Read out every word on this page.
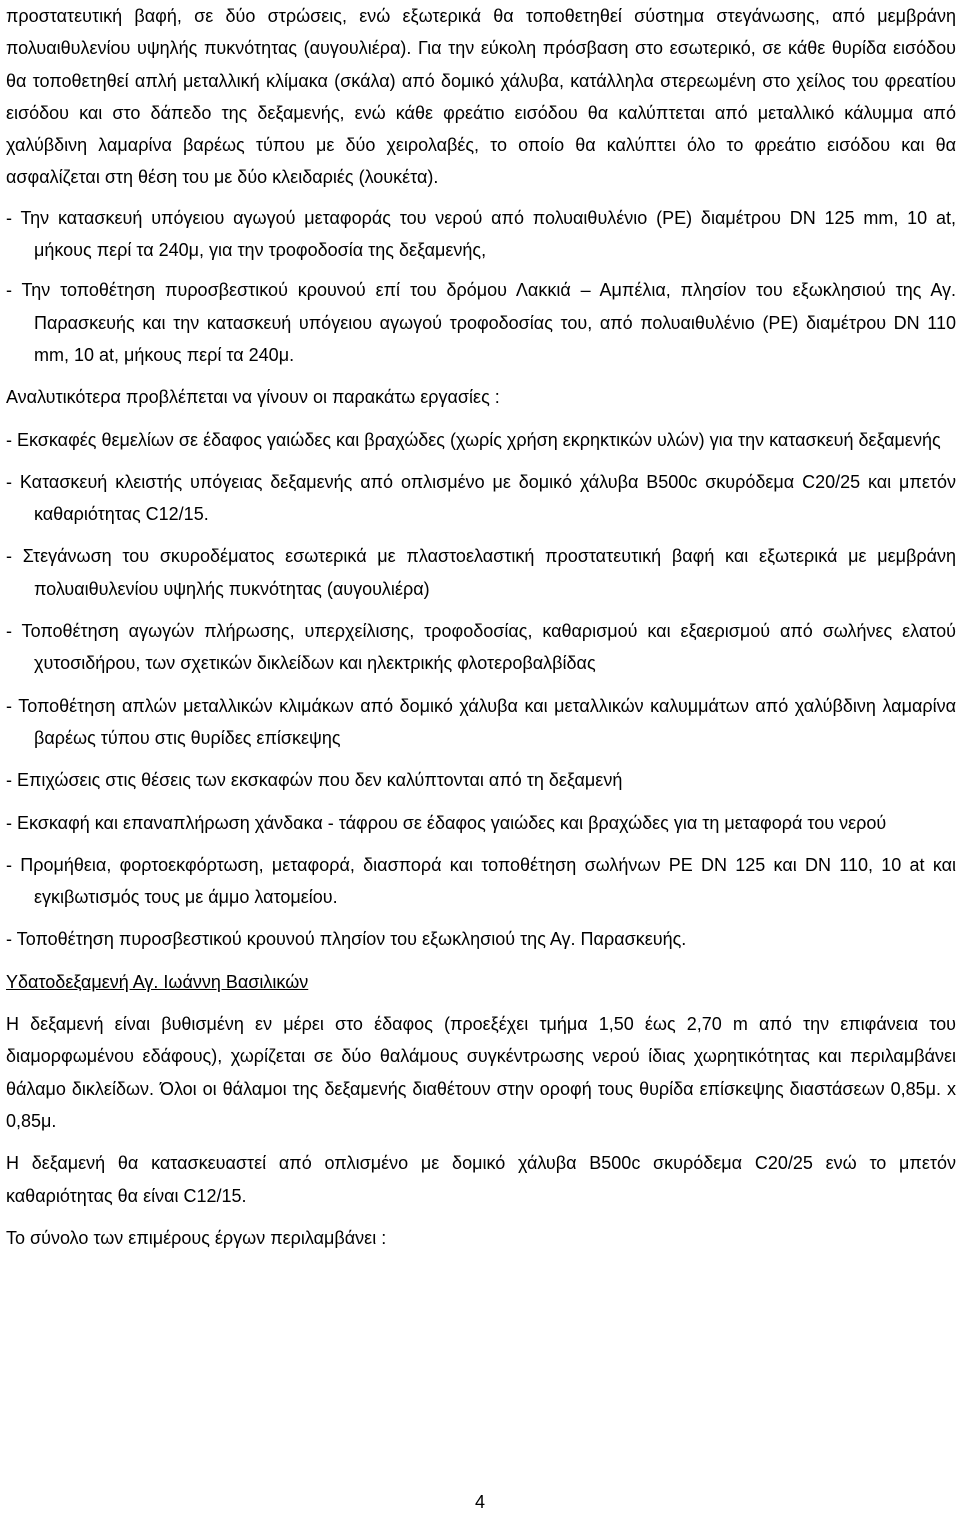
προστατευτική βαφή, σε δύο στρώσεις, ενώ εξωτερικά θα τοποθετηθεί σύστημα στεγάνωσης, από μεμβράνη πολυαιθυλενίου υψηλής πυκνότητας (αυγουλιέρα). Για την εύκολη πρόσβαση στο εσωτερικό, σε κάθε θυρίδα εισόδου θα τοποθετηθεί απλή μεταλλική κλίμακα (σκάλα) από δομικό χάλυβα, κατάλληλα στερεωμένη στο χείλος του φρεατίου εισόδου και στο δάπεδο της δεξαμενής, ενώ κάθε φρεάτιο εισόδου θα καλύπτεται από μεταλλικό κάλυμμα από χαλύβδινη λαμαρίνα βαρέως τύπου με δύο χειρολαβές, το οποίο θα καλύπτει όλο το φρεάτιο εισόδου και θα ασφαλίζεται στη θέση του με δύο κλειδαριές (λουκέτα).

- Την κατασκευή υπόγειου αγωγού μεταφοράς του νερού από πολυαιθυλένιο (PE) διαμέτρου DN 125 mm, 10 at, μήκους περί τα 240μ, για την τροφοδοσία της δεξαμενής,

- Την τοποθέτηση πυροσβεστικού κρουνού επί του δρόμου Λακκιά – Αμπέλια, πλησίον του εξωκλησιού της Αγ. Παρασκευής και την κατασκευή υπόγειου αγωγού τροφοδοσίας του, από πολυαιθυλένιο (PE) διαμέτρου DN 110 mm, 10 at, μήκους περί τα 240μ.

Αναλυτικότερα προβλέπεται να γίνουν οι παρακάτω εργασίες :

- Εκσκαφές θεμελίων σε έδαφος γαιώδες και βραχώδες (χωρίς χρήση εκρηκτικών υλών) για την κατασκευή δεξαμενής

- Κατασκευή κλειστής υπόγειας δεξαμενής από οπλισμένο με δομικό χάλυβα B500c σκυρόδεμα C20/25 και μπετόν καθαριότητας C12/15.

- Στεγάνωση του σκυροδέματος εσωτερικά με πλαστοελαστική προστατευτική βαφή και εξωτερικά με μεμβράνη πολυαιθυλενίου υψηλής πυκνότητας (αυγουλιέρα)

- Τοποθέτηση αγωγών πλήρωσης, υπερχείλισης, τροφοδοσίας, καθαρισμού και εξαερισμού από σωλήνες ελατού χυτοσιδήρου, των σχετικών δικλείδων και ηλεκτρικής φλοτεροβαλβίδας

- Τοποθέτηση απλών μεταλλικών κλιμάκων από δομικό χάλυβα και μεταλλικών καλυμμάτων από χαλύβδινη λαμαρίνα βαρέως τύπου στις θυρίδες επίσκεψης

- Επιχώσεις στις θέσεις των εκσκαφών που δεν καλύπτονται από τη δεξαμενή

- Εκσκαφή και επαναπλήρωση χάνδακα - τάφρου σε έδαφος γαιώδες και βραχώδες για τη μεταφορά του νερού

- Προμήθεια, φορτοεκφόρτωση, μεταφορά, διασπορά και τοποθέτηση σωλήνων PE DN 125 και DN 110, 10 at και εγκιβωτισμός τους με άμμο λατομείου.

- Τοποθέτηση πυροσβεστικού κρουνού πλησίον του εξωκλησιού της Αγ. Παρασκευής.

Υδατοδεξαμενή Αγ. Ιωάννη Βασιλικών

Η δεξαμενή είναι βυθισμένη εν μέρει στο έδαφος (προεξέχει τμήμα 1,50 έως 2,70 m από την επιφάνεια του διαμορφωμένου εδάφους), χωρίζεται σε δύο θαλάμους συγκέντρωσης νερού ίδιας χωρητικότητας και περιλαμβάνει θάλαμο δικλείδων. Όλοι οι θάλαμοι της δεξαμενής διαθέτουν στην οροφή τους θυρίδα επίσκεψης διαστάσεων 0,85μ. x 0,85μ.

Η δεξαμενή θα κατασκευαστεί από οπλισμένο με δομικό χάλυβα B500c σκυρόδεμα C20/25 ενώ το μπετόν καθαριότητας θα είναι C12/15.

Το σύνολο των επιμέρους έργων περιλαμβάνει :

4
